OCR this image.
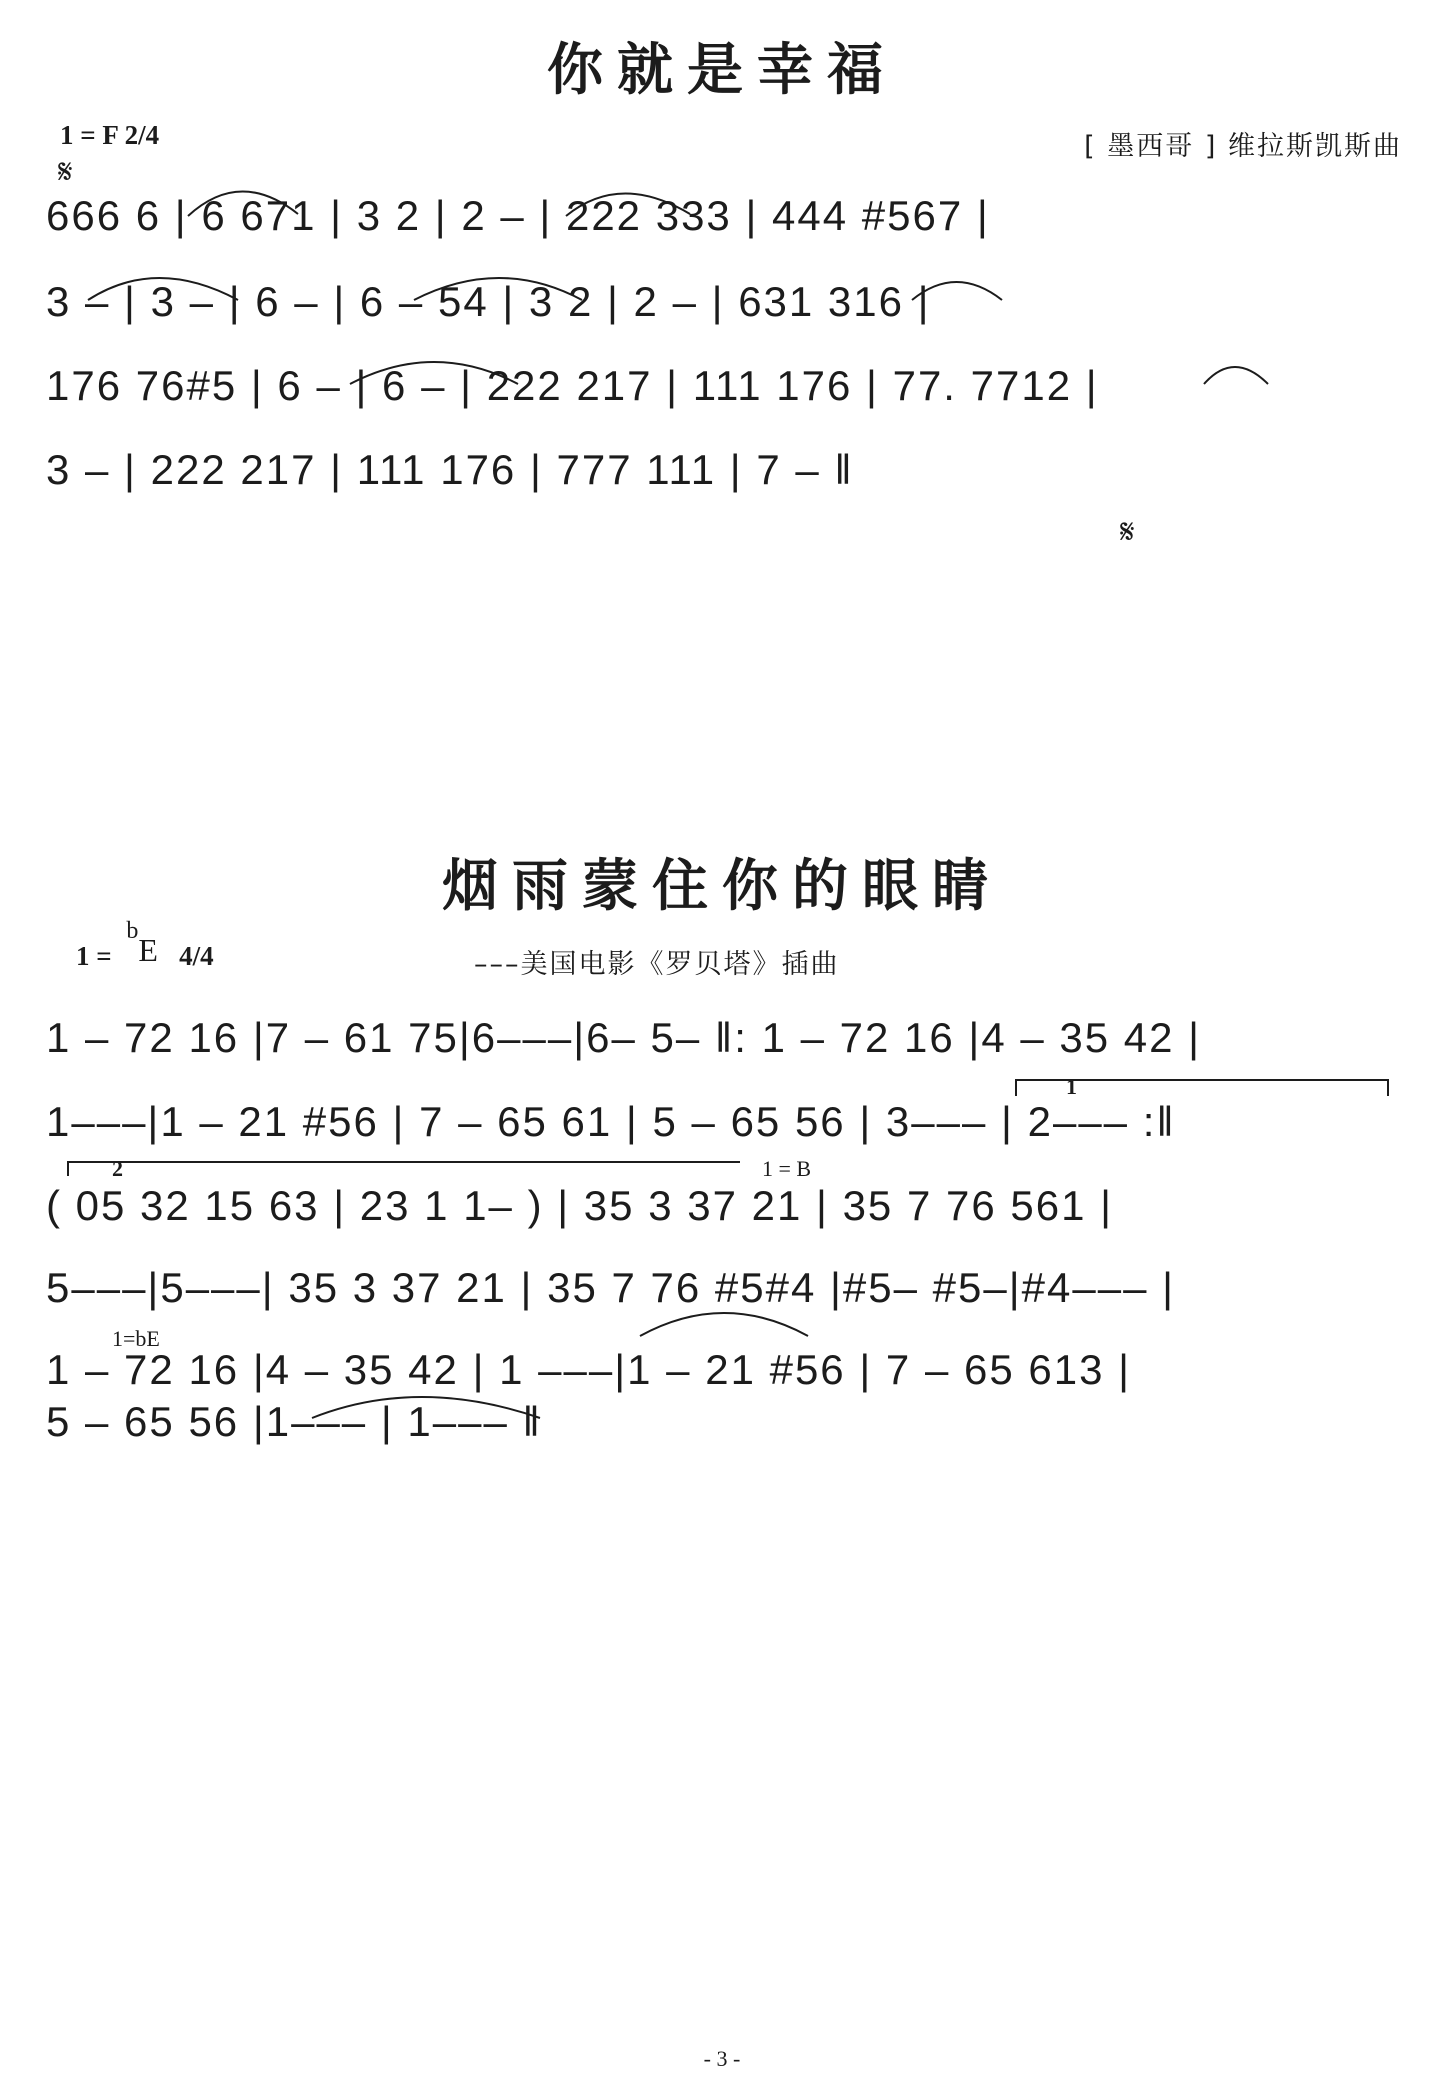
你就是幸福
1 = F 2/4	[ 墨西哥 ] 维拉斯凯斯曲
𝄋

666 6 | 6 671 | 3 2 | 2 – | 222 333 | 444 #567 |

3 – | 3 – | 6 – | 6 – 54 | 3 2 | 2 – | 631 316 |

176 76#5 | 6 – | 6 – | 222 217 | 111 176 | 77. 7712 |

3 – | 222 217 | 111 176 | 777 111 | 7 – ‖

𝄋
烟雨蒙住你的眼睛
1 =
b
E 4/4	–––美国电影《罗贝塔》插曲

1 – 72 16 |7 – 61 75|6–––|6– 5– ‖: 1 – 72 16 |4 – 35 42 |

1–––|1 – 21 #56 | 7 – 65 61 | 5 – 65 56 | 3––– | 2––– :‖

( 05 32 15 63 | 23 1 1– ) | 35 3 37 21 | 35 7 76 561 |

5–––|5–––| 35 3 37 21 | 35 7 76 #5#4 |#5– #5–|#4––– |

1 – 72 16 |4 – 35 42 | 1 –––|1 – 21 #56 | 7 – 65 613 |

5 – 65 56 |1––– | 1––– ‖

1
2	1 = B
1=bE
- 3 -
